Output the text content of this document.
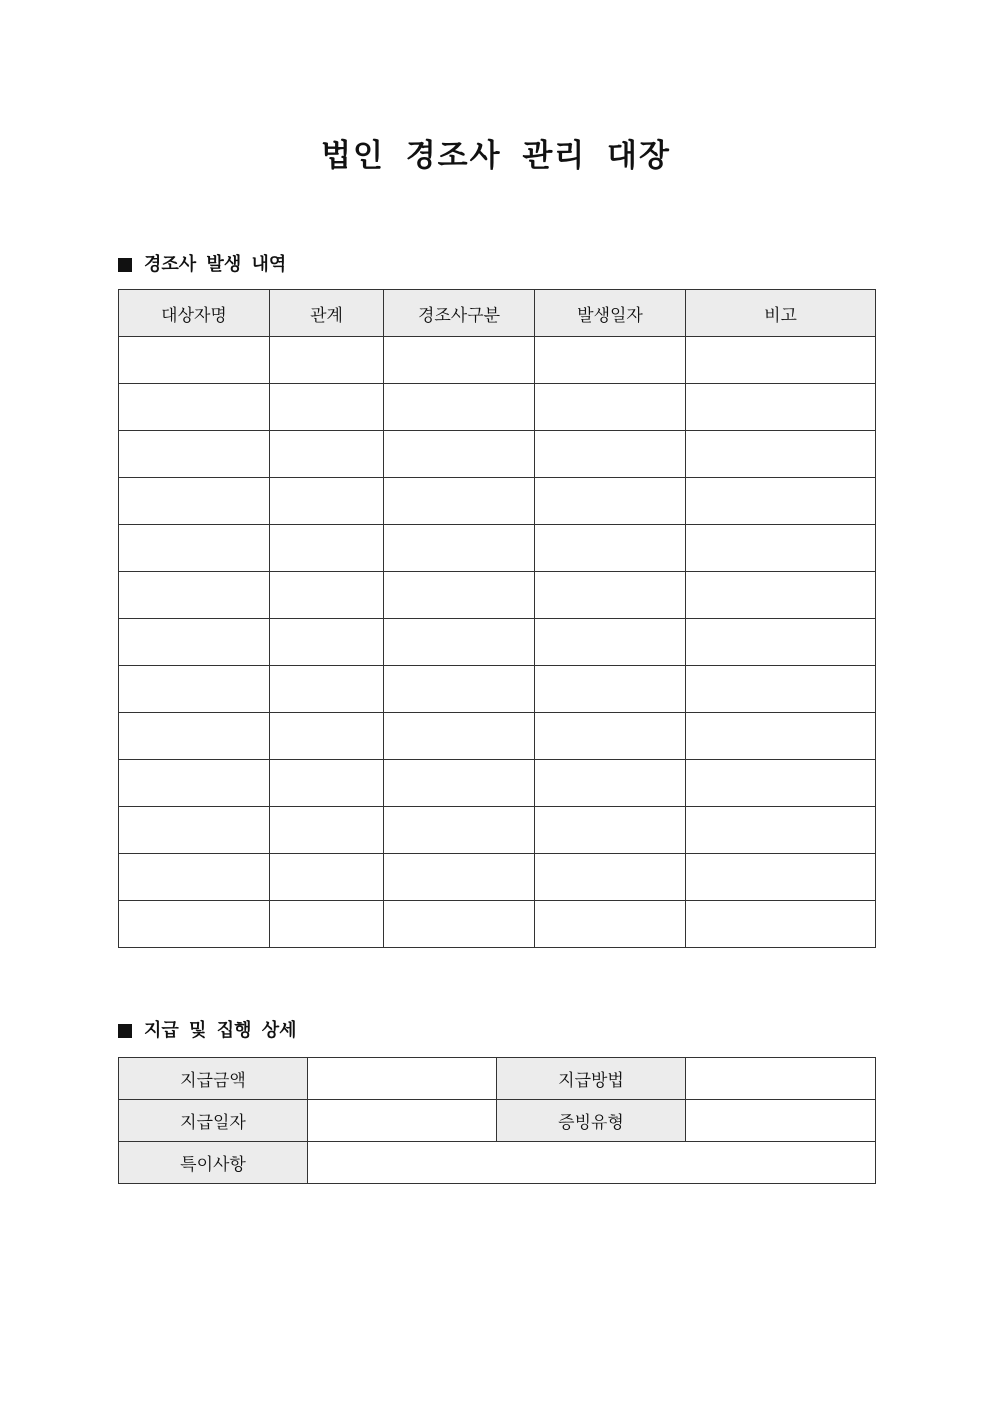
법인 경조사 관리 대장
경조사 발생 내역
대상자명	관계	경조사구분	발생일자	비고

지급 및 집행 상세
지급금액		지급방법	
지급일자		증빙유형	
특이사항			
